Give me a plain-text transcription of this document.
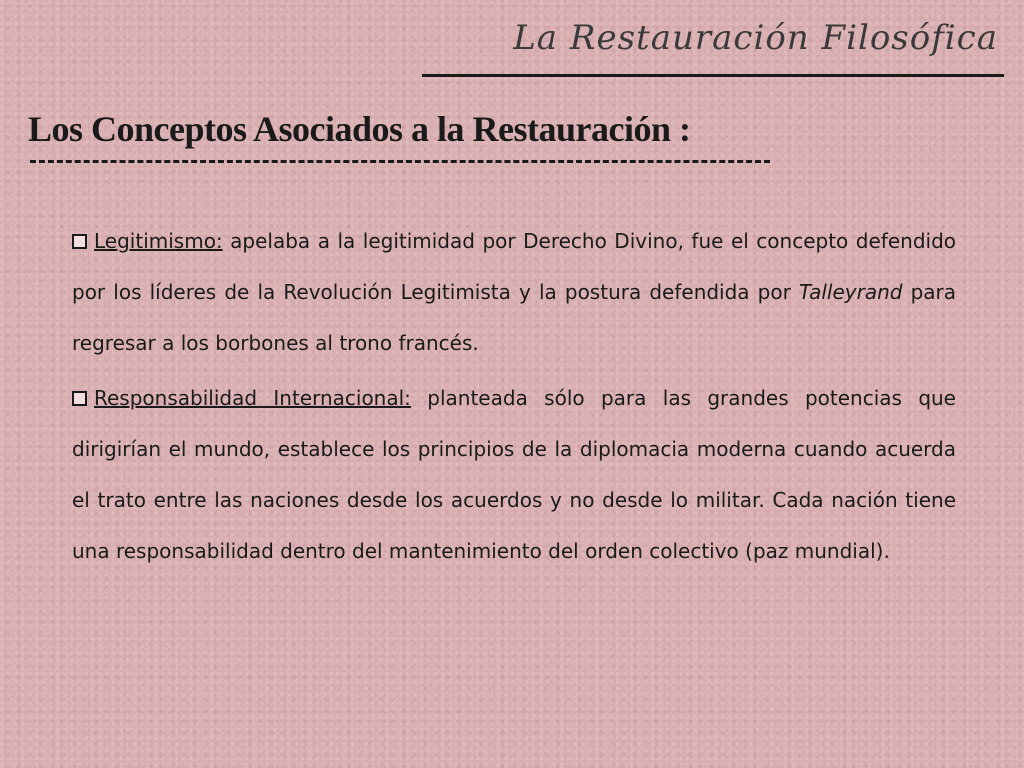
La Restauración Filosófica
Los Conceptos Asociados a la Restauración :

Legitimismo: apelaba a la legitimidad por Derecho Divino, fue el concepto defendido por los líderes de la Revolución Legitimista y la postura defendida por Talleyrand para regresar a los borbones al trono francés.

Responsabilidad Internacional: planteada sólo para las grandes potencias que dirigirían el mundo, establece los principios de la diplomacia moderna cuando acuerda el trato entre las naciones desde los acuerdos y no desde lo militar. Cada nación tiene una responsabilidad dentro del mantenimiento del orden colectivo (paz mundial).
